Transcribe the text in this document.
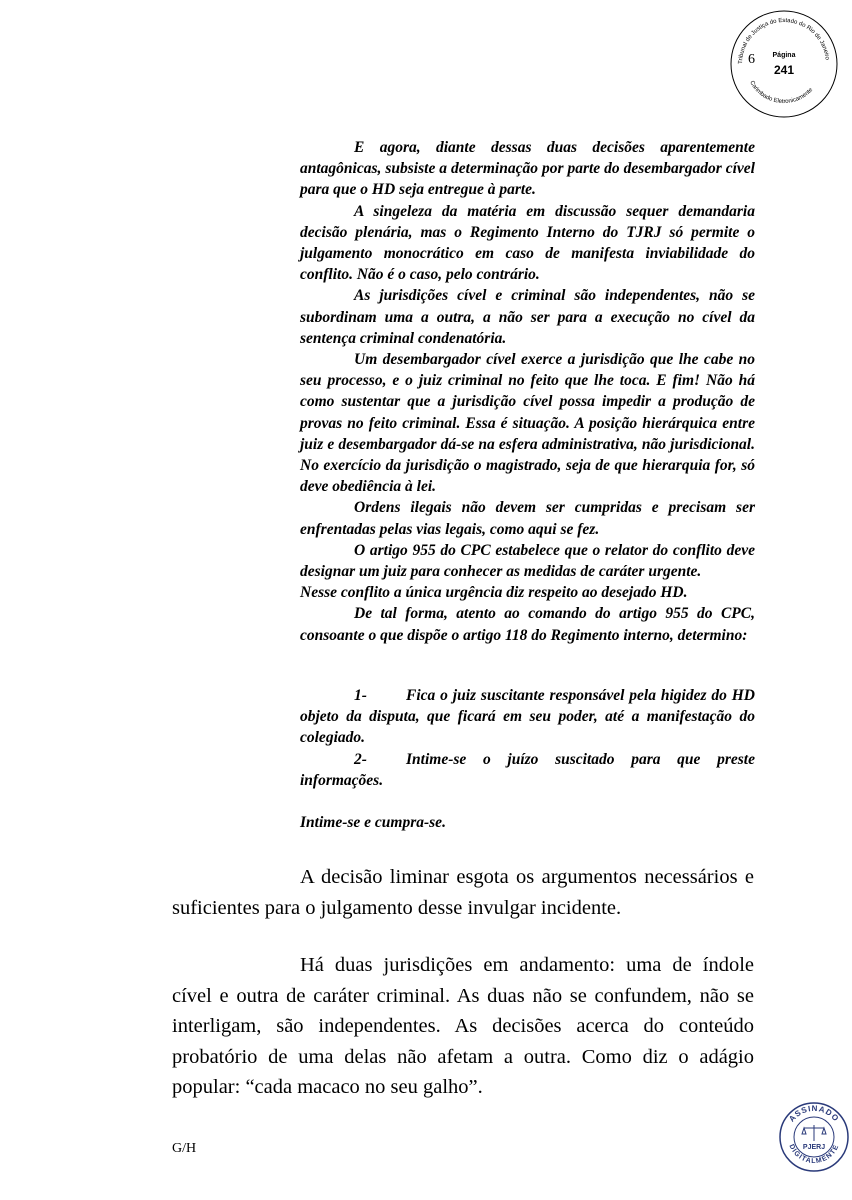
Tribunal de Justiça do Estado do Rio de Janeiro
Carimbado Eletronicamente
Página
241
6

E agora, diante dessas duas decisões aparentemente antagônicas, subsiste a determinação por parte do desembargador cível para que o HD seja entregue à parte.

A singeleza da matéria em discussão sequer demandaria decisão plenária, mas o Regimento Interno do TJRJ só permite o julgamento monocrático em caso de manifesta inviabilidade do conflito. Não é o caso, pelo contrário.

As jurisdições cível e criminal são independentes, não se subordinam uma a outra, a não ser para a execução no cível da sentença criminal condenatória.

Um desembargador cível exerce a jurisdição que lhe cabe no seu processo, e o juiz criminal no feito que lhe toca. E fim! Não há como sustentar que a jurisdição cível possa impedir a produção de provas no feito criminal. Essa é situação. A posição hierárquica entre juiz e desembargador dá-se na esfera administrativa, não jurisdicional. No exercício da jurisdição o magistrado, seja de que hierarquia for, só deve obediência à lei.

Ordens ilegais não devem ser cumpridas e precisam ser enfrentadas pelas vias legais, como aqui se fez.

O artigo 955 do CPC estabelece que o relator do conflito deve designar um juiz para conhecer as medidas de caráter urgente.

Nesse conflito a única urgência diz respeito ao desejado HD.

De tal forma, atento ao comando do artigo 955 do CPC, consoante o que dispõe o artigo 118 do Regimento interno, determino:

1-	Fica o juiz suscitante responsável pela higidez do HD objeto da disputa, que ficará em seu poder, até a manifestação do colegiado.
2-	Intime-se o juízo suscitado para que preste informações.
Intime-se e cumpra-se.
A decisão liminar esgota os argumentos necessários e suficientes para o julgamento desse invulgar incidente.
Há duas jurisdições em andamento: uma de índole cível e outra de caráter criminal. As duas não se confundem, não se interligam, são independentes. As decisões acerca do conteúdo probatório de uma delas não afetam a outra. Como diz o adágio popular: “cada macaco no seu galho”.
G/H
ASSINADO
DIGITALMENTE
PJERJ
